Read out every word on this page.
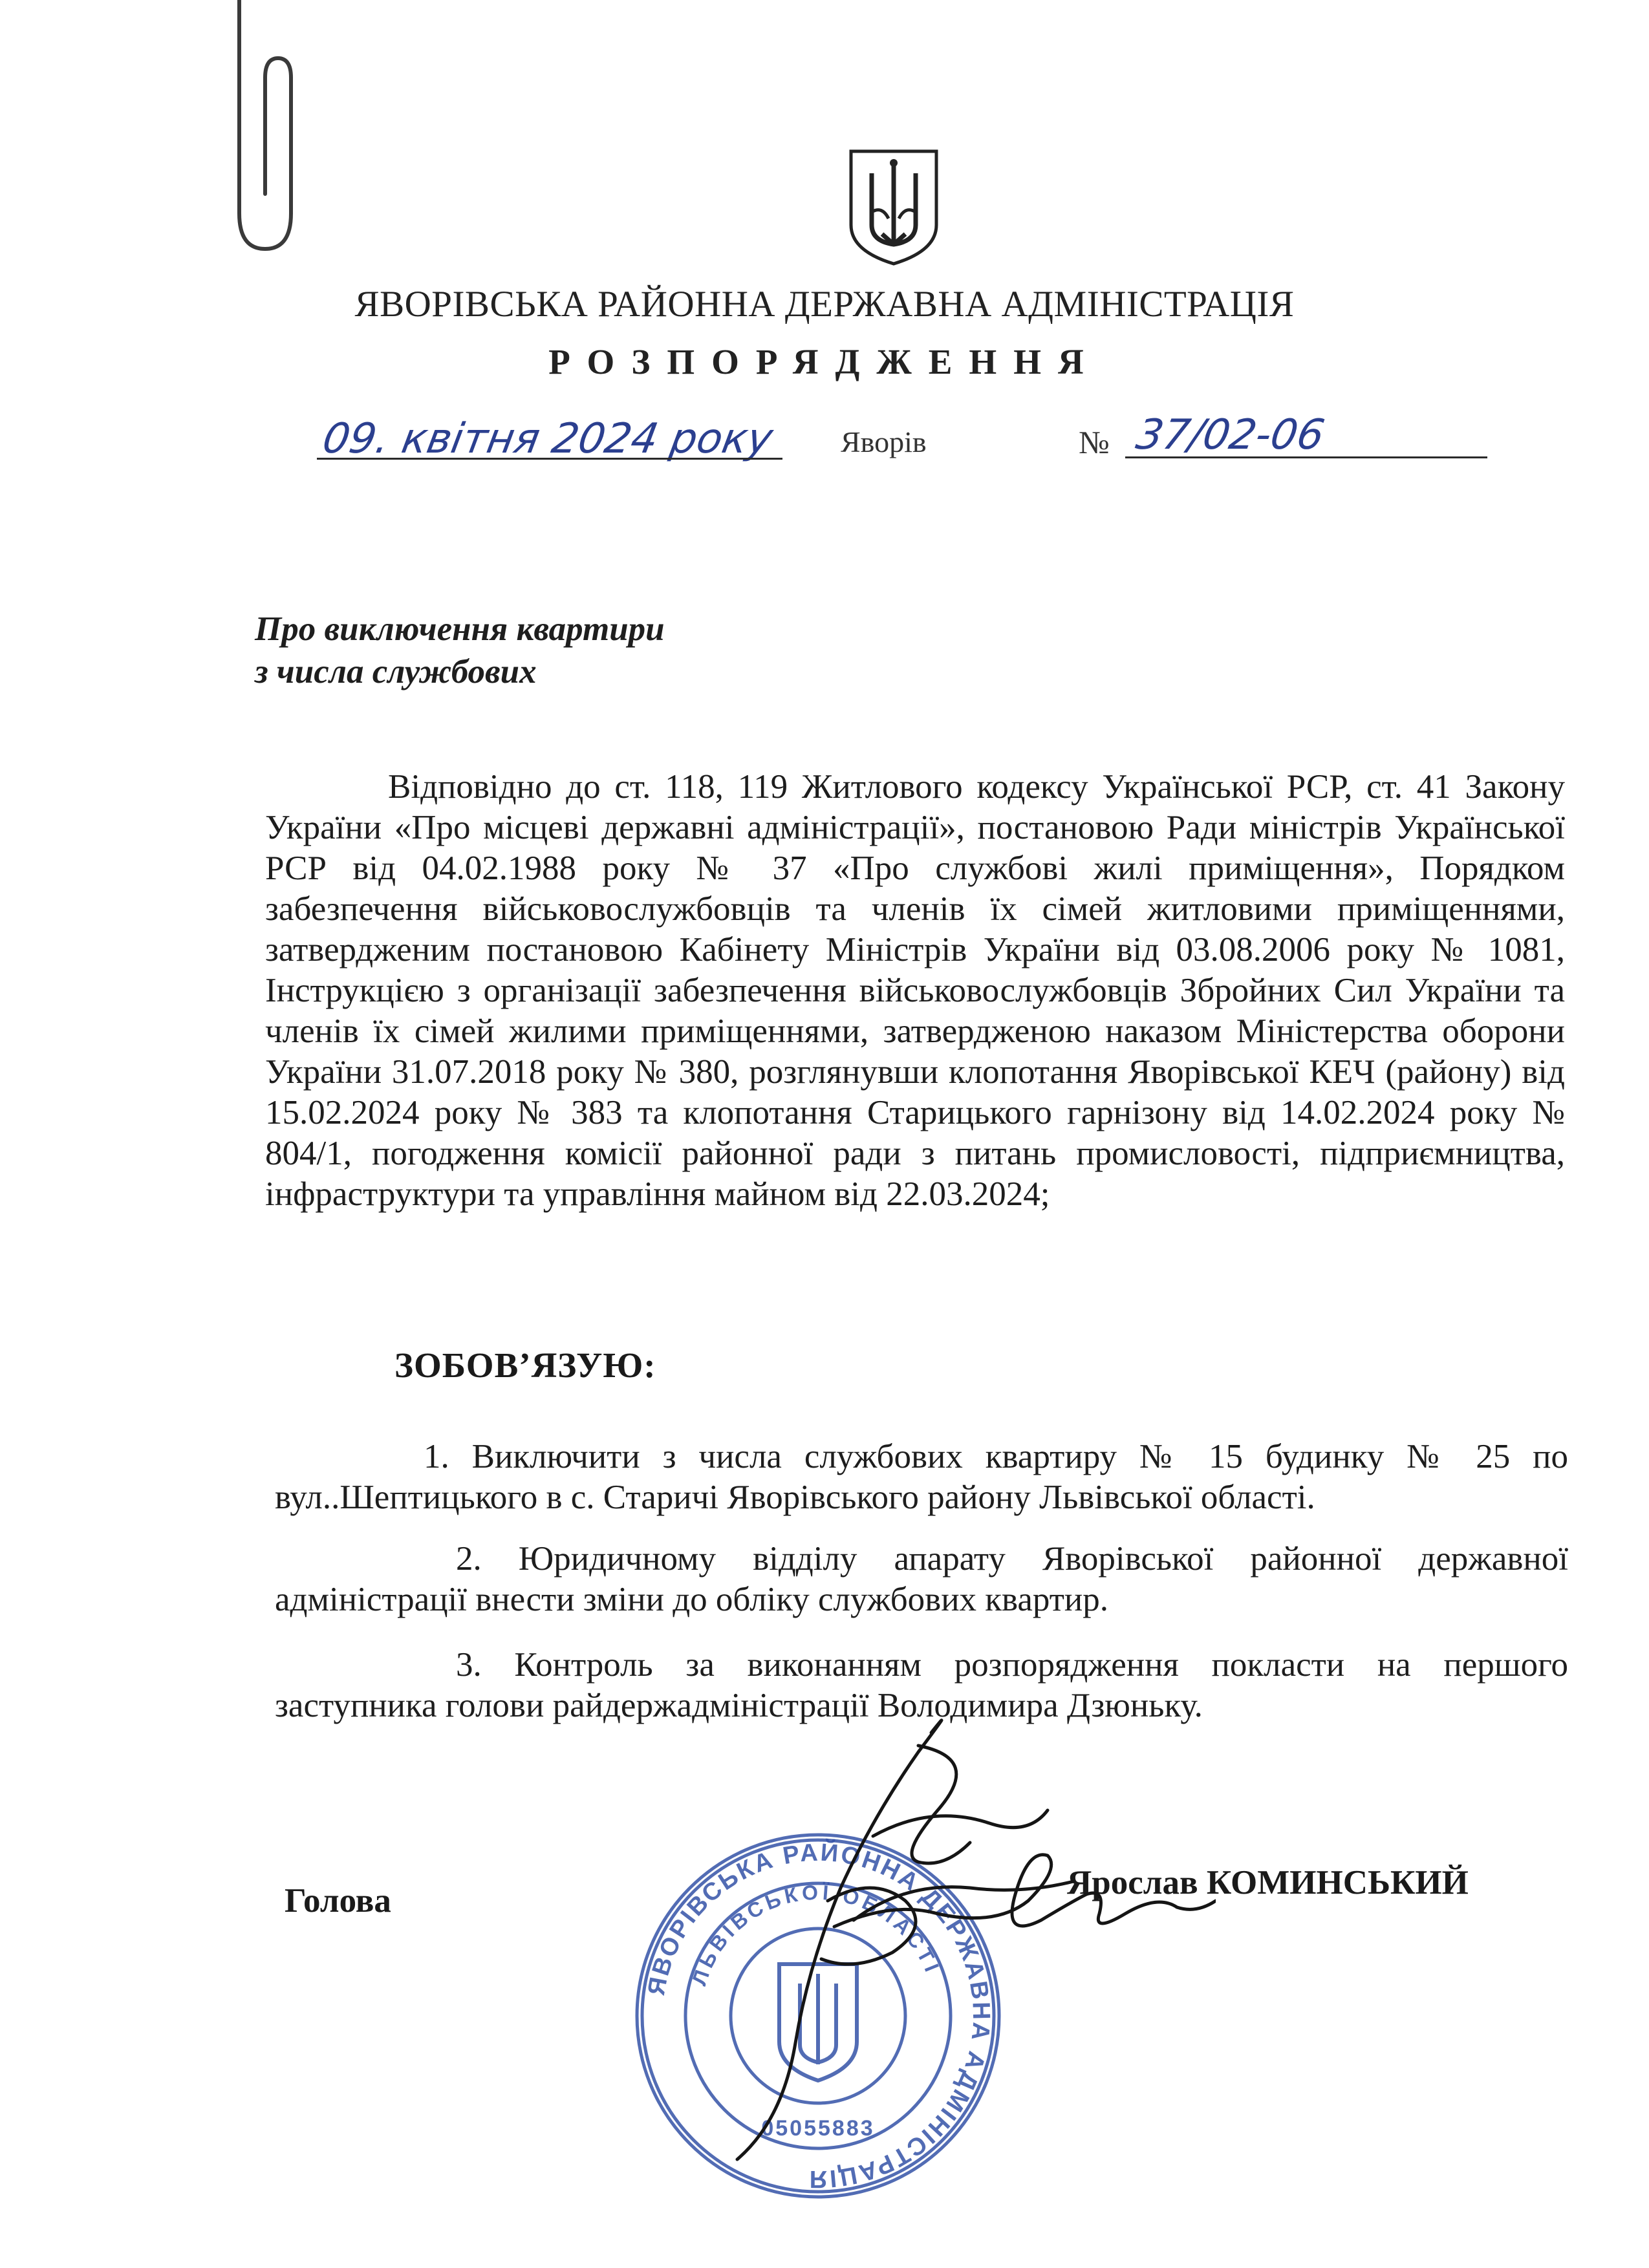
ЯВОРІВСЬКА РАЙОННА ДЕРЖАВНА АДМІНІСТРАЦІЯ
РОЗПОРЯДЖЕННЯ
09. квітня 2024 року	Яворів	№ 37/02-06
Про виключення квартири
з числа службових
Відповідно до ст. 118, 119 Житлового кодексу Української РСР, ст. 41 Закону України «Про місцеві державні адміністрації», постановою Ради міністрів Української РСР від 04.02.1988 року № 37 «Про службові жилі приміщення», Порядком забезпечення військовослужбовців та членів їх сімей житловими приміщеннями, затвердженим постановою Кабінету Міністрів України від 03.08.2006 року № 1081, Інструкцією з організації забезпечення військовослужбовців Збройних Сил України та членів їх сімей жилими приміщеннями, затвердженою наказом Міністерства оборони України 31.07.2018 року № 380, розглянувши клопотання Яворівської КЕЧ (району) від 15.02.2024 року № 383 та клопотання Старицького гарнізону від 14.02.2024 року № 804/1, погодження комісії районної ради з питань промисловості, підприємництва, інфраструктури та управління майном від 22.03.2024;
ЗОБОВ’ЯЗУЮ:
1. Виключити з числа службових квартиру № 15 будинку № 25 по вул..Шептицького в с. Старичі Яворівського району Львівської області.
2. Юридичному відділу апарату Яворівської районної державної адміністрації внести зміни до обліку службових квартир.
3. Контроль за виконанням розпорядження покласти на першого заступника голови райдержадміністрації Володимира Дзюньку.
Голова	Ярослав КОМИНСЬКИЙ
ЯВОРІВСЬКА РАЙОННА ДЕРЖАВНА АДМІНІСТРАЦІЯ
ЛЬВІВСЬКОЇ ОБЛАСТІ
05055883
